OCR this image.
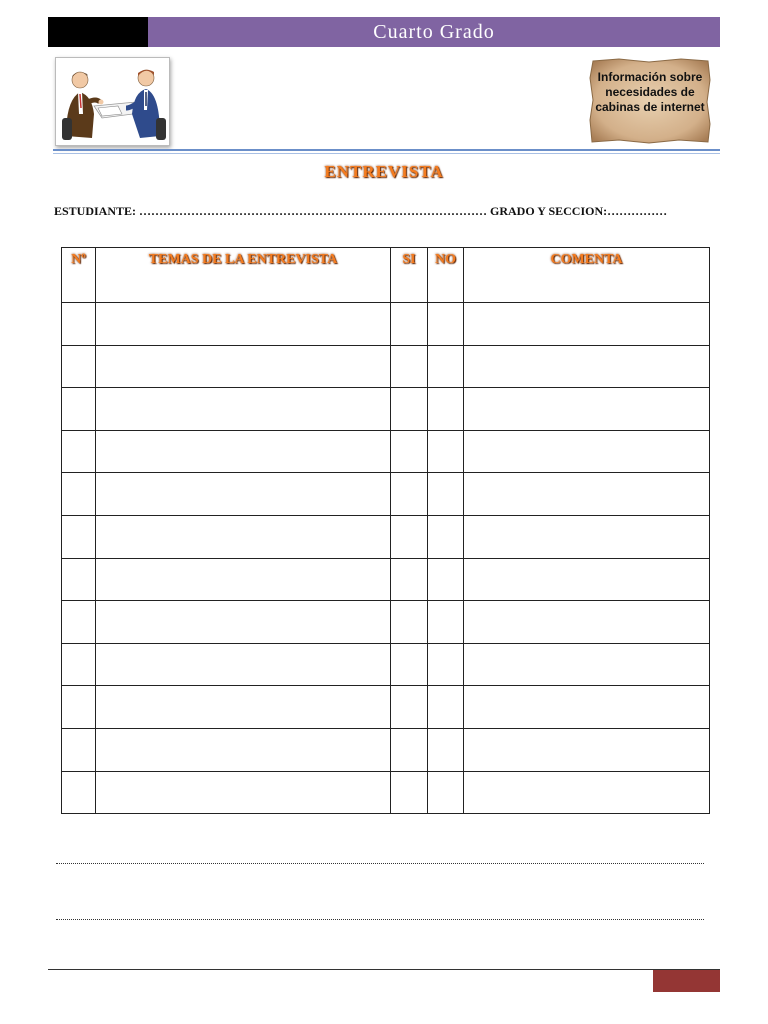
Cuarto Grado
Información sobre
necesidades de
cabinas de internet
ENTREVISTA
ESTUDIANTE: …………………………………………………………………………… GRADO Y SECCION:……………
Nº	TEMAS DE LA ENTREVISTA	SI	NO	COMENTA
